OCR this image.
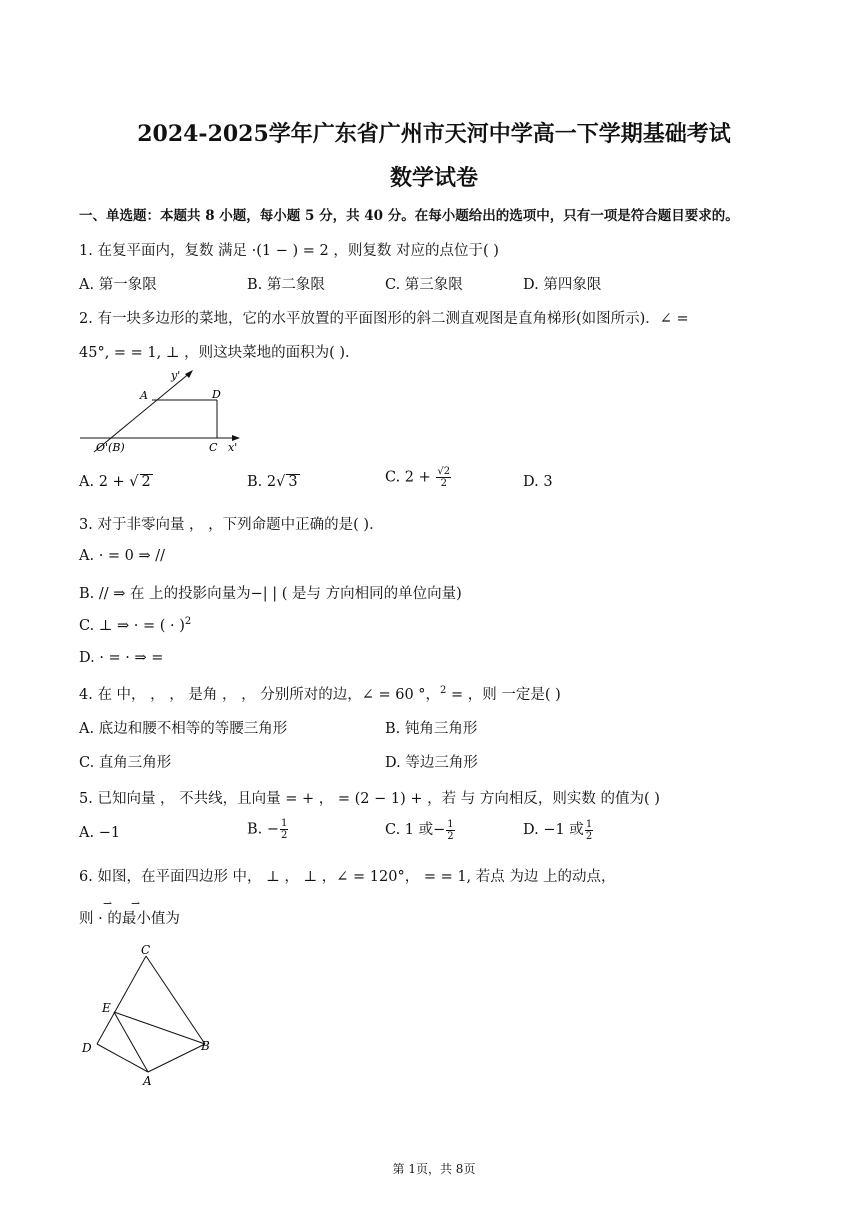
2024-2025学年广东省广州市天河中学高一下学期基础考试
数学试卷
一、单选题：本题共 8 小题，每小题 5 分，共 40 分。在每小题给出的选项中，只有一项是符合题目要求的。
1. 在复平面内，复数 满足 ·(1 − ) = 2 ，则复数 对应的点位于( )
A. 第一象限	B. 第二象限	C. 第三象限	D. 第四象限
2. 有一块多边形的菜地，它的水平放置的平面图形的斜二测直观图是直角梯形(如图所示)．∠ =
45°, = = 1, ⊥ ，则这块菜地的面积为( )．
y'
A	D
O'(B)	C x'
A. 2 + √ 2	B. 2√ 3	C. $2 + \frac{√2}{2}$	D. 3
3. 对于非零向量 ， ，下列命题中正确的是( )．
A. · = 0 ⇒ //
B. // ⇒ 在 上的投影向量为−| | ( 是与 方向相同的单位向量)
C. ⊥ ⇒ · = ( · )$^2$
D. · = · ⇒ =
4. 在 中， ， ， 是角 ， ， 分别所对的边，∠ = 60 °，$^2$ = ，则 一定是( )
A. 底边和腰不相等的等腰三角形	B. 钝角三角形
C. 直角三角形	D. 等边三角形
5. 已知向量 ， 不共线，且向量 = + ， = (2 − 1) + ，若 与 方向相反，则实数 的值为( )
A. −1	B. − $\frac{1}{2}$	C. 1 或− $\frac{1}{2}$	D. −1 或 $\frac{1}{2}$
6. 如图，在平面四边形 中， ⊥ ， ⊥ ，∠ = 120°， = = 1, 若点 为边 上的动点，
则 · 的最小值为
⇀ ⇀
C
E
D	B
A
第 1页，共 8页
